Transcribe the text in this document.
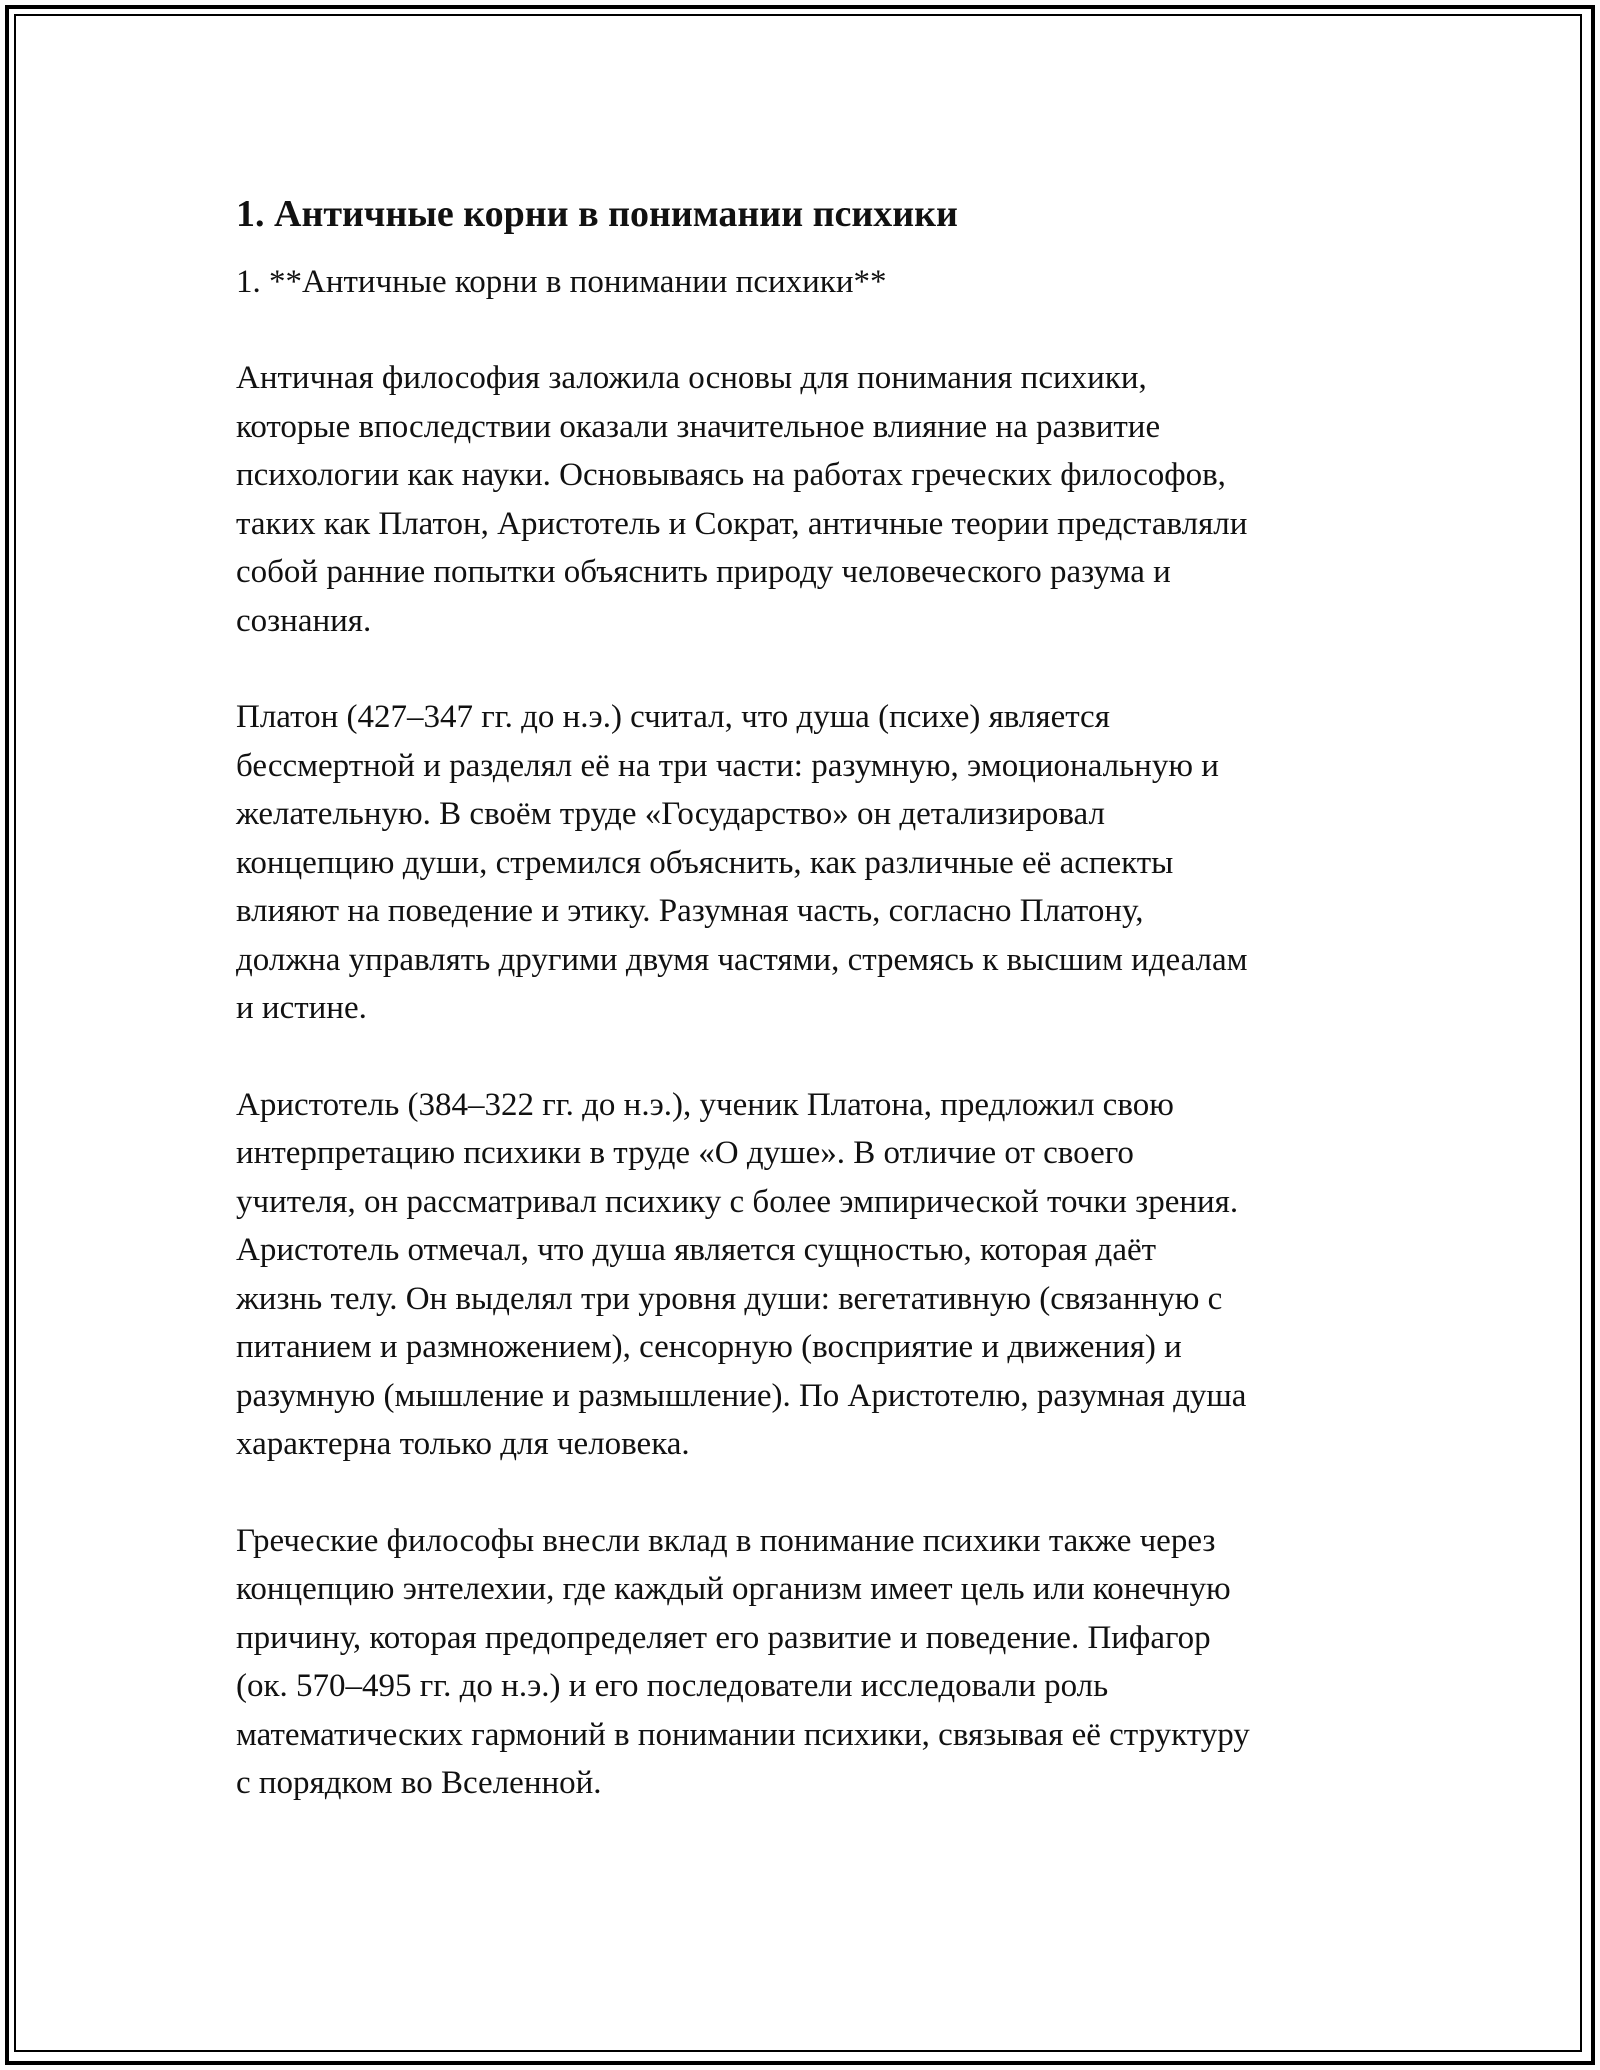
1. Античные корни в понимании психики
1. **Античные корни в понимании психики**
Античная философия заложила основы для понимания психики,
которые впоследствии оказали значительное влияние на развитие
психологии как науки. Основываясь на работах греческих философов,
таких как Платон, Аристотель и Сократ, античные теории представляли
собой ранние попытки объяснить природу человеческого разума и
сознания.
Платон (427–347 гг. до н.э.) считал, что душа (психе) является
бессмертной и разделял её на три части: разумную, эмоциональную и
желательную. В своём труде «Государство» он детализировал
концепцию души, стремился объяснить, как различные её аспекты
влияют на поведение и этику. Разумная часть, согласно Платону,
должна управлять другими двумя частями, стремясь к высшим идеалам
и истине.
Аристотель (384–322 гг. до н.э.), ученик Платона, предложил свою
интерпретацию психики в труде «О душе». В отличие от своего
учителя, он рассматривал психику с более эмпирической точки зрения.
Аристотель отмечал, что душа является сущностью, которая даёт
жизнь телу. Он выделял три уровня души: вегетативную (связанную с
питанием и размножением), сенсорную (восприятие и движения) и
разумную (мышление и размышление). По Аристотелю, разумная душа
характерна только для человека.
Греческие философы внесли вклад в понимание психики также через
концепцию энтелехии, где каждый организм имеет цель или конечную
причину, которая предопределяет его развитие и поведение. Пифагор
(ок. 570–495 гг. до н.э.) и его последователи исследовали роль
математических гармоний в понимании психики, связывая её структуру
с порядком во Вселенной.
